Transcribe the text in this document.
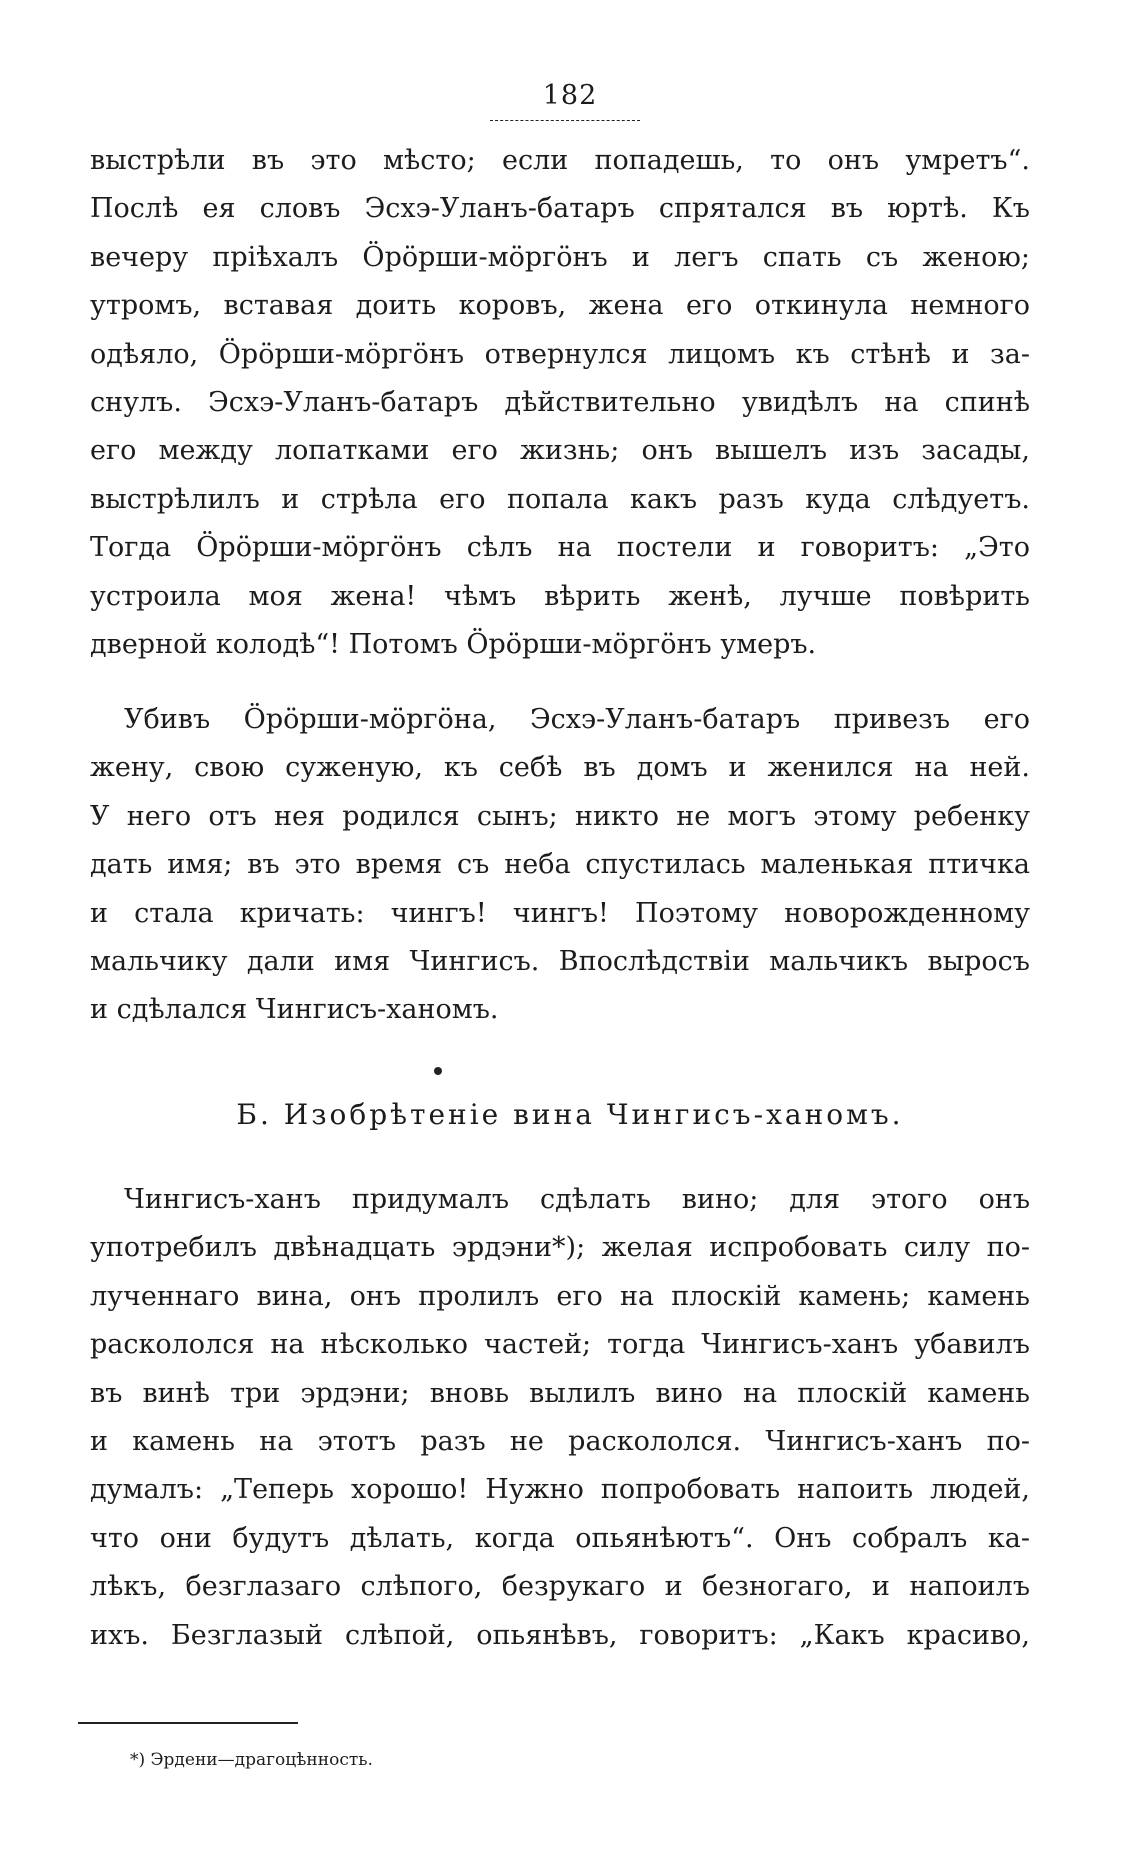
182
выстрѣли въ это мѣсто; если попадешь, то онъ умретъ“.
Послѣ ея словъ Эсхэ-Уланъ-батаръ спрятался въ юртѣ. Къ
вечеру пріѣхалъ Öрöрши-мöргöнъ и легъ спать съ женою;
утромъ, вставая доить коровъ, жена его откинула немного
одѣяло, Öрöрши-мöргöнъ отвернулся лицомъ къ стѣнѣ и за-
снулъ. Эсхэ-Уланъ-батаръ дѣйствительно увидѣлъ на спинѣ
его между лопатками его жизнь; онъ вышелъ изъ засады,
выстрѣлилъ и стрѣла его попала какъ разъ куда слѣдуетъ.
Тогда Öрöрши-мöргöнъ сѣлъ на постели и говоритъ: „Это
устроила моя жена! чѣмъ вѣрить женѣ, лучше повѣрить
дверной колодѣ“! Потомъ Öрöрши-мöргöнъ умеръ.
Убивъ Öрöрши-мöргöна, Эсхэ-Уланъ-батаръ привезъ его
жену, свою суженую, къ себѣ въ домъ и женился на ней.
У него отъ нея родился сынъ; никто не могъ этому ребенку
дать имя; въ это время съ неба спустилась маленькая птичка
и стала кричать: чингъ! чингъ! Поэтому новорожденному
мальчику дали имя Чингисъ. Впослѣдствіи мальчикъ выросъ
и сдѣлался Чингисъ-ханомъ.
Б. Изобрѣтеніе вина Чингисъ-ханомъ.
Чингисъ-ханъ придумалъ сдѣлать вино; для этого онъ
употребилъ двѣнадцать эрдэни*); желая испробовать силу по-
лученнаго вина, онъ пролилъ его на плоскій камень; камень
раскололся на нѣсколько частей; тогда Чингисъ-ханъ убавилъ
въ винѣ три эрдэни; вновь вылилъ вино на плоскій камень
и камень на этотъ разъ не раскололся. Чингисъ-ханъ по-
думалъ: „Теперь хорошо! Нужно попробовать напоить людей,
что они будутъ дѣлать, когда опьянѣютъ“. Онъ собралъ ка-
лѣкъ, безглазаго слѣпого, безрукаго и безногаго, и напоилъ
ихъ. Безглазый слѣпой, опьянѣвъ, говоритъ: „Какъ красиво,
*) Эрдени—драгоцѣнность.
